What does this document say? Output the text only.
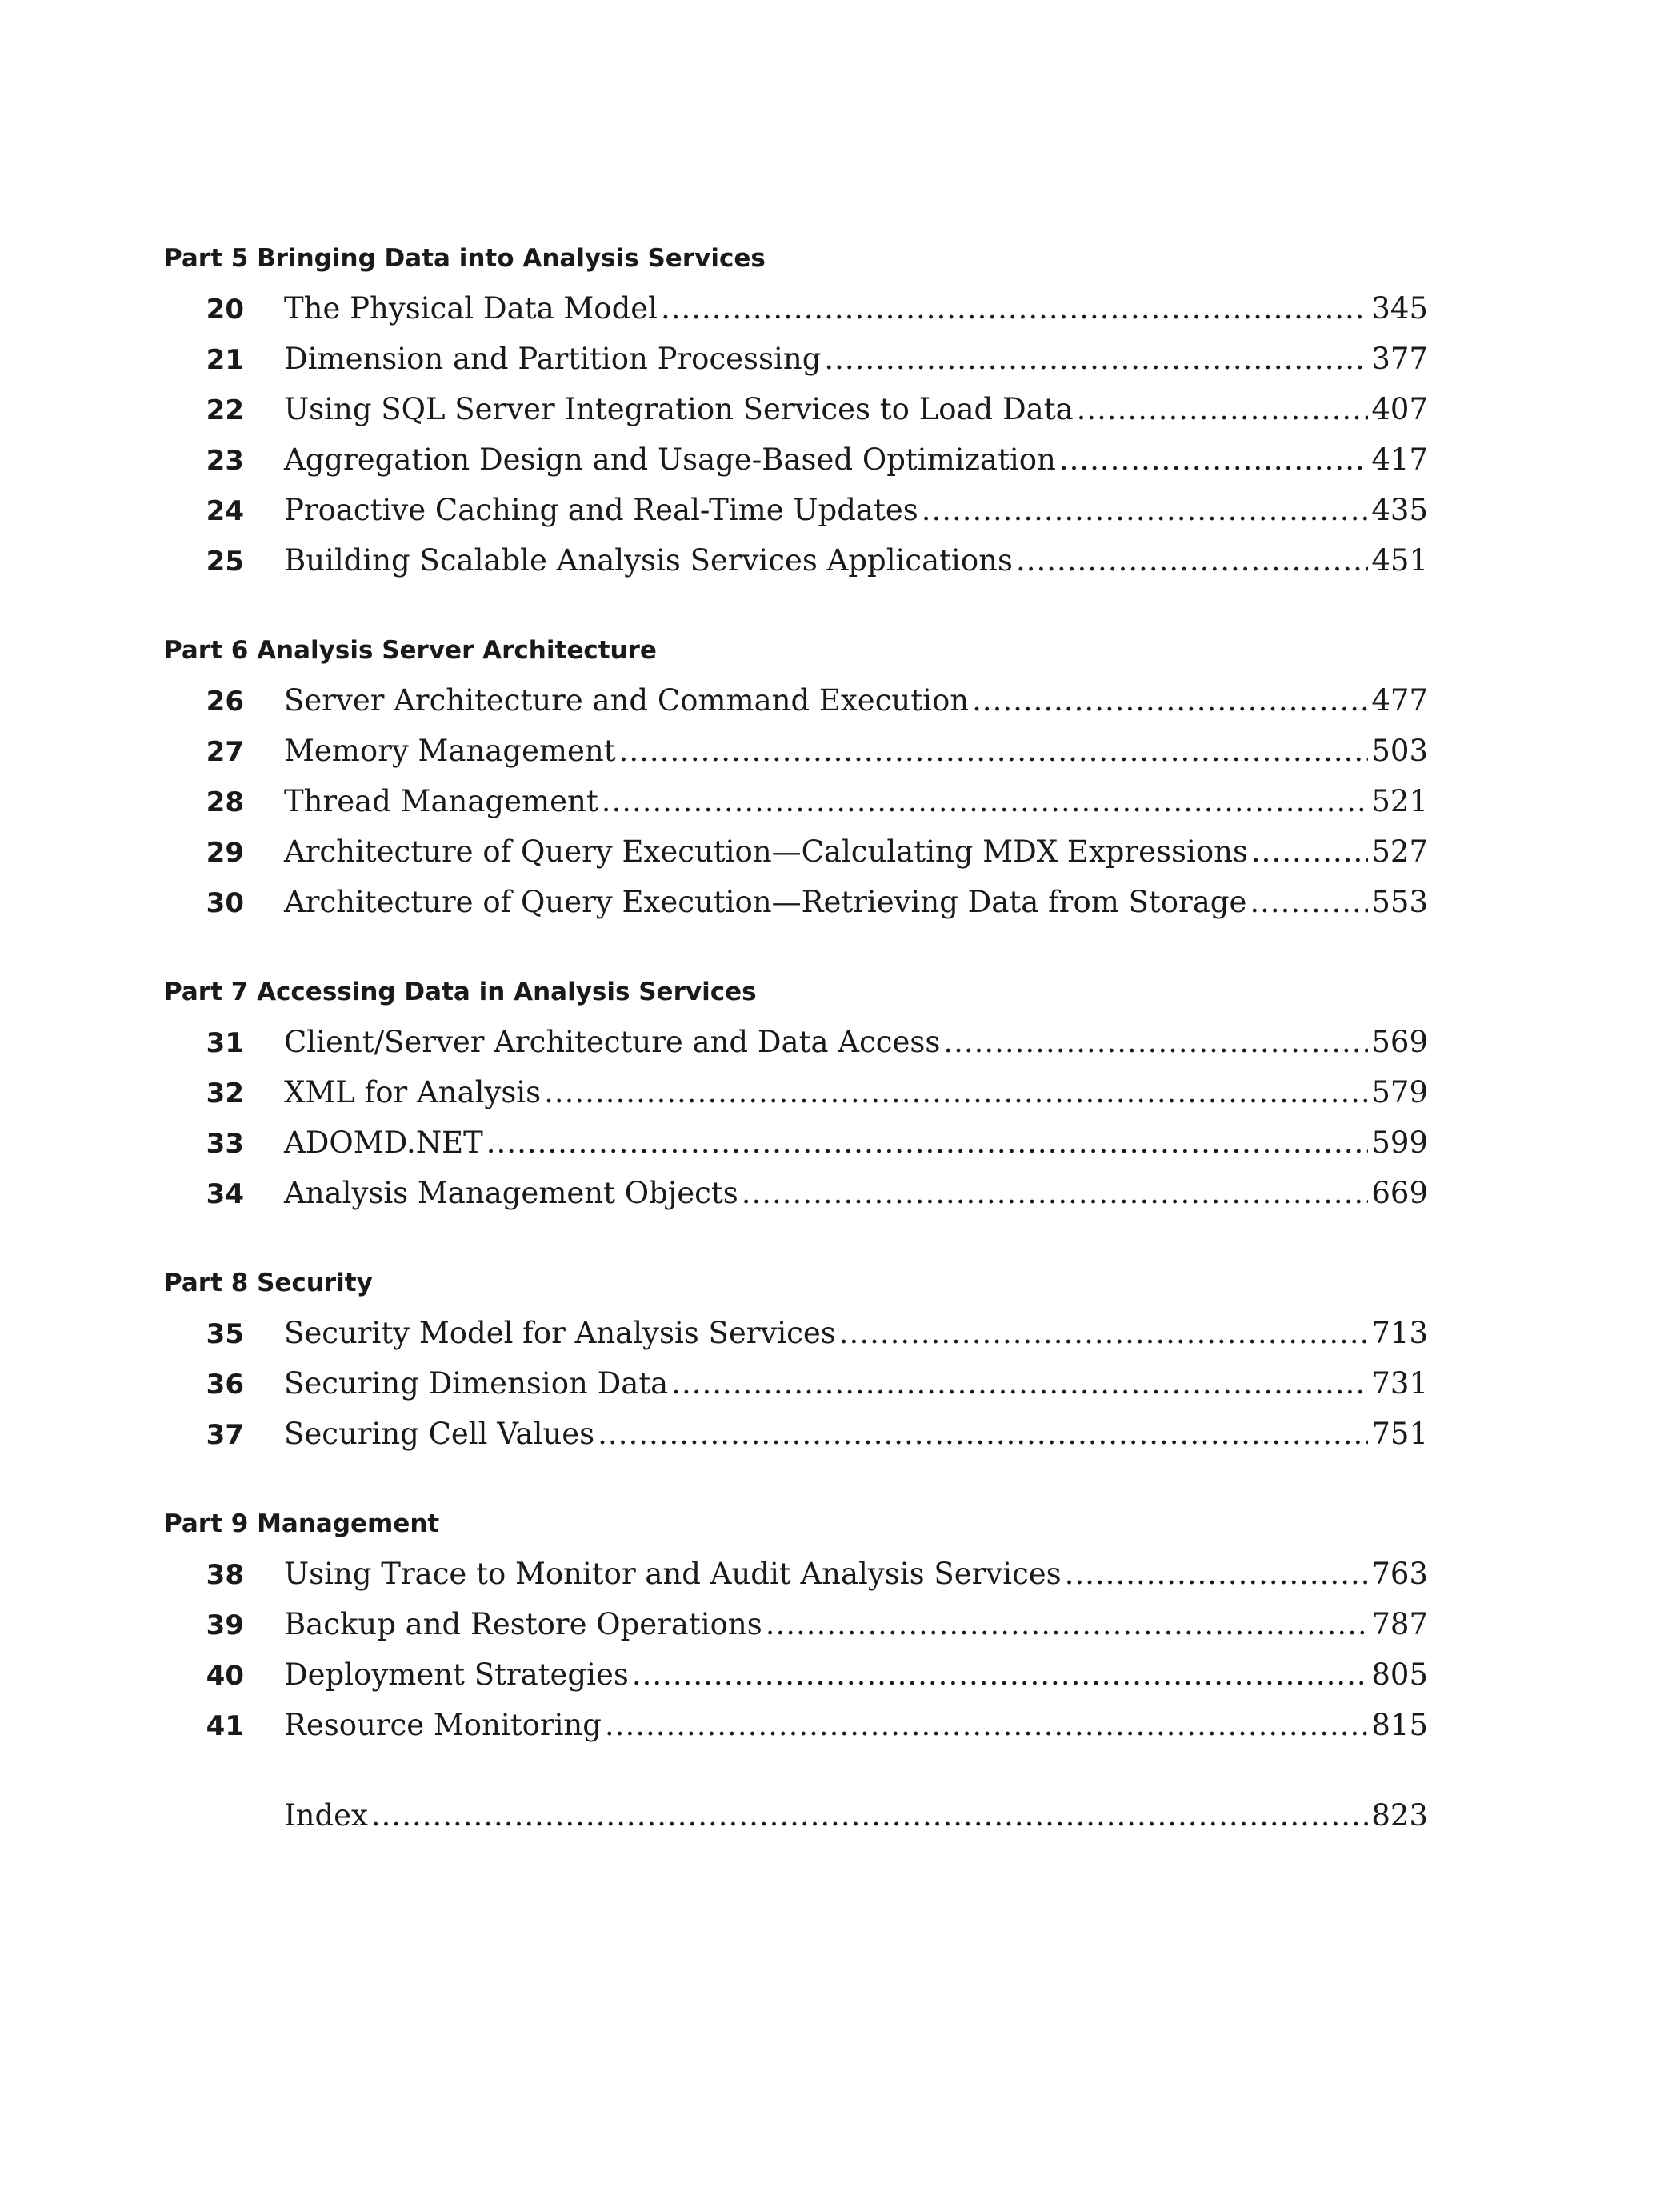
Part 5 Bringing Data into Analysis Services
20	The Physical Data Model .....	345
21	Dimension and Partition Processing .....	377
22	Using SQL Server Integration Services to Load Data .....	407
23	Aggregation Design and Usage-Based Optimization .....	417
24	Proactive Caching and Real-Time Updates .....	435
25	Building Scalable Analysis Services Applications .....	451
Part 6 Analysis Server Architecture
26	Server Architecture and Command Execution .....	477
27	Memory Management .....	503
28	Thread Management .....	521
29	Architecture of Query Execution—Calculating MDX Expressions .....	527
30	Architecture of Query Execution—Retrieving Data from Storage .....	553
Part 7 Accessing Data in Analysis Services
31	Client/Server Architecture and Data Access .....	569
32	XML for Analysis .....	579
33	ADOMD.NET .....	599
34	Analysis Management Objects .....	669
Part 8 Security
35	Security Model for Analysis Services .....	713
36	Securing Dimension Data .....	731
37	Securing Cell Values .....	751
Part 9 Management
38	Using Trace to Monitor and Audit Analysis Services .....	763
39	Backup and Restore Operations .....	787
40	Deployment Strategies .....	805
41	Resource Monitoring .....	815
Index .....	823
